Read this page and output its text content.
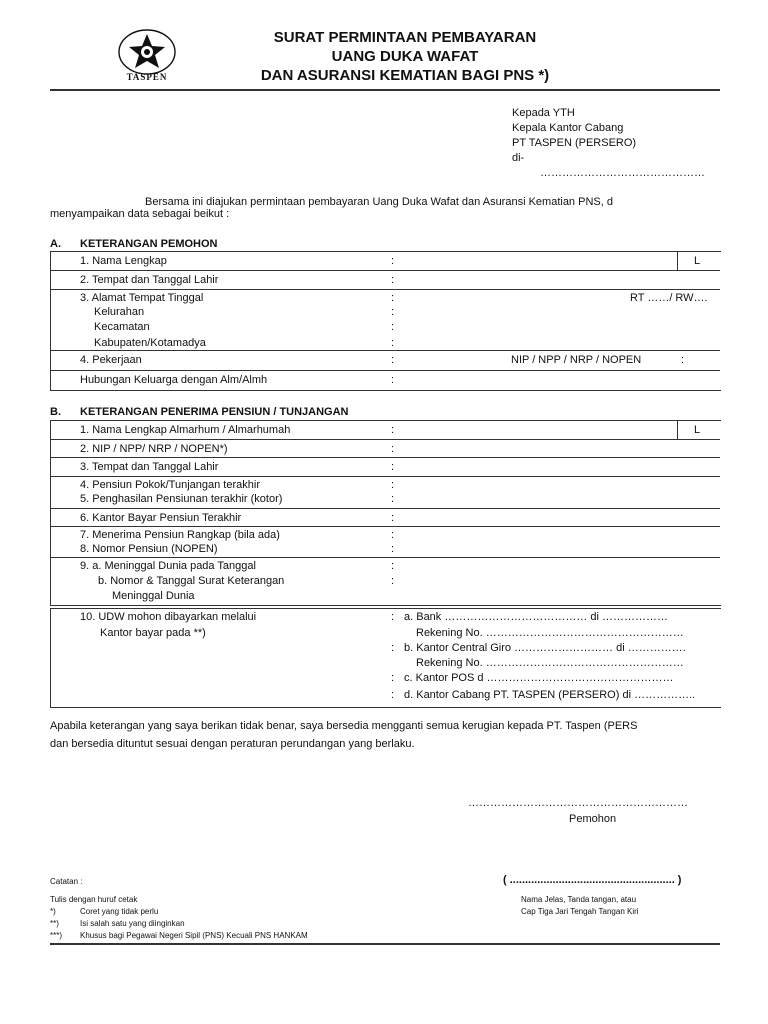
TASPEN
SURAT PERMINTAAN PEMBAYARAN
UANG DUKA WAFAT
DAN ASURANSI KEMATIAN BAGI PNS *)
Kepada YTH
Kepala Kantor Cabang
PT TASPEN (PERSERO)
di-
………………………………………
Bersama ini diajukan permintaan pembayaran Uang Duka Wafat dan Asuransi Kematian PNS, d
menyampaikan data sebagai beikut :
A. KETERANGAN PEMOHON
1. Nama Lengkap	:	L
2. Tempat dan Tanggal Lahir	:
3. Alamat Tempat Tinggal	:	RT ……/ RW….
Kelurahan	:
Kecamatan	:
Kabupaten/Kotamadya	:
4. Pekerjaan	:	NIP / NPP / NRP / NOPEN	:
Hubungan Keluarga dengan Alm/Almh	:
B. KETERANGAN PENERIMA PENSIUN / TUNJANGAN
1. Nama Lengkap Almarhum / Almarhumah	:	L
2. NIP / NPP/ NRP / NOPEN*)	:
3. Tempat dan Tanggal Lahir	:
4. Pensiun Pokok/Tunjangan terakhir	:
5. Penghasilan Pensiunan terakhir (kotor)	:
6. Kantor Bayar Pensiun Terakhir	:
7. Menerima Pensiun Rangkap (bila ada)	:
8. Nomor Pensiun (NOPEN)	:
9. a. Meninggal Dunia pada Tanggal	:
b. Nomor & Tanggal Surat Keterangan	:
Meninggal Dunia
10. UDW mohon dibayarkan melalui
Kantor bayar pada **)
: a. Bank ………………………………… di ………………
Rekening No. ………………………………………………
: b. Kantor Central Giro ……………………… di …………….
Rekening No. ………………………………………………
: c. Kantor POS d ……………………………………………
: d. Kantor Cabang PT. TASPEN (PERSERO) di ……………..
Apabila keterangan yang saya berikan tidak benar, saya bersedia mengganti semua kerugian kepada PT. Taspen (PERS
dan bersedia dituntut sesuai dengan peraturan perundangan yang berlaku.
……………………………………………………
Pemohon
( ...................................................... )
Nama Jelas, Tanda tangan, atau
Cap Tiga Jari Tengah Tangan Kiri
Catatan :
Tulis dengan huruf cetak
*)	Coret yang tidak perlu
**)	Isi salah satu yang diinginkan
***) Khusus bagi Pegawai Negeri Sipil (PNS) Kecuali PNS HANKAM
